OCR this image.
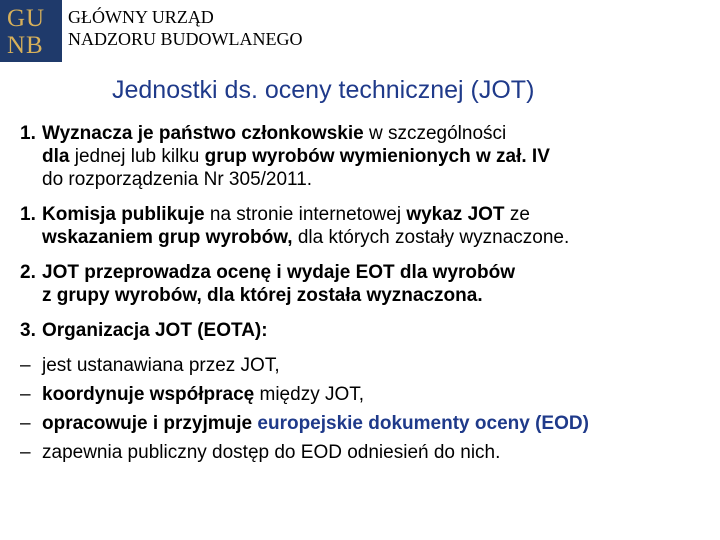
GU
NB
GŁÓWNY URZĄD
NADZORU BUDOWLANEGO
Jednostki ds. oceny technicznej (JOT)
1. Wyznacza je państwo członkowskie w szczególności
dla jednej lub kilku grup wyrobów wymienionych w zał. IV
do rozporządzenia Nr 305/2011.
1. Komisja publikuje na stronie internetowej wykaz JOT ze
wskazaniem grup wyrobów, dla których zostały wyznaczone.
2. JOT przeprowadza ocenę i wydaje EOT dla wyrobów
z grupy wyrobów, dla której została wyznaczona.
3. Organizacja JOT (EOTA):
– jest ustanawiana przez JOT,
– koordynuje współpracę między JOT,
– opracowuje i przyjmuje europejskie dokumenty oceny (EOD)
– zapewnia publiczny dostęp do EOD odniesień do nich.
